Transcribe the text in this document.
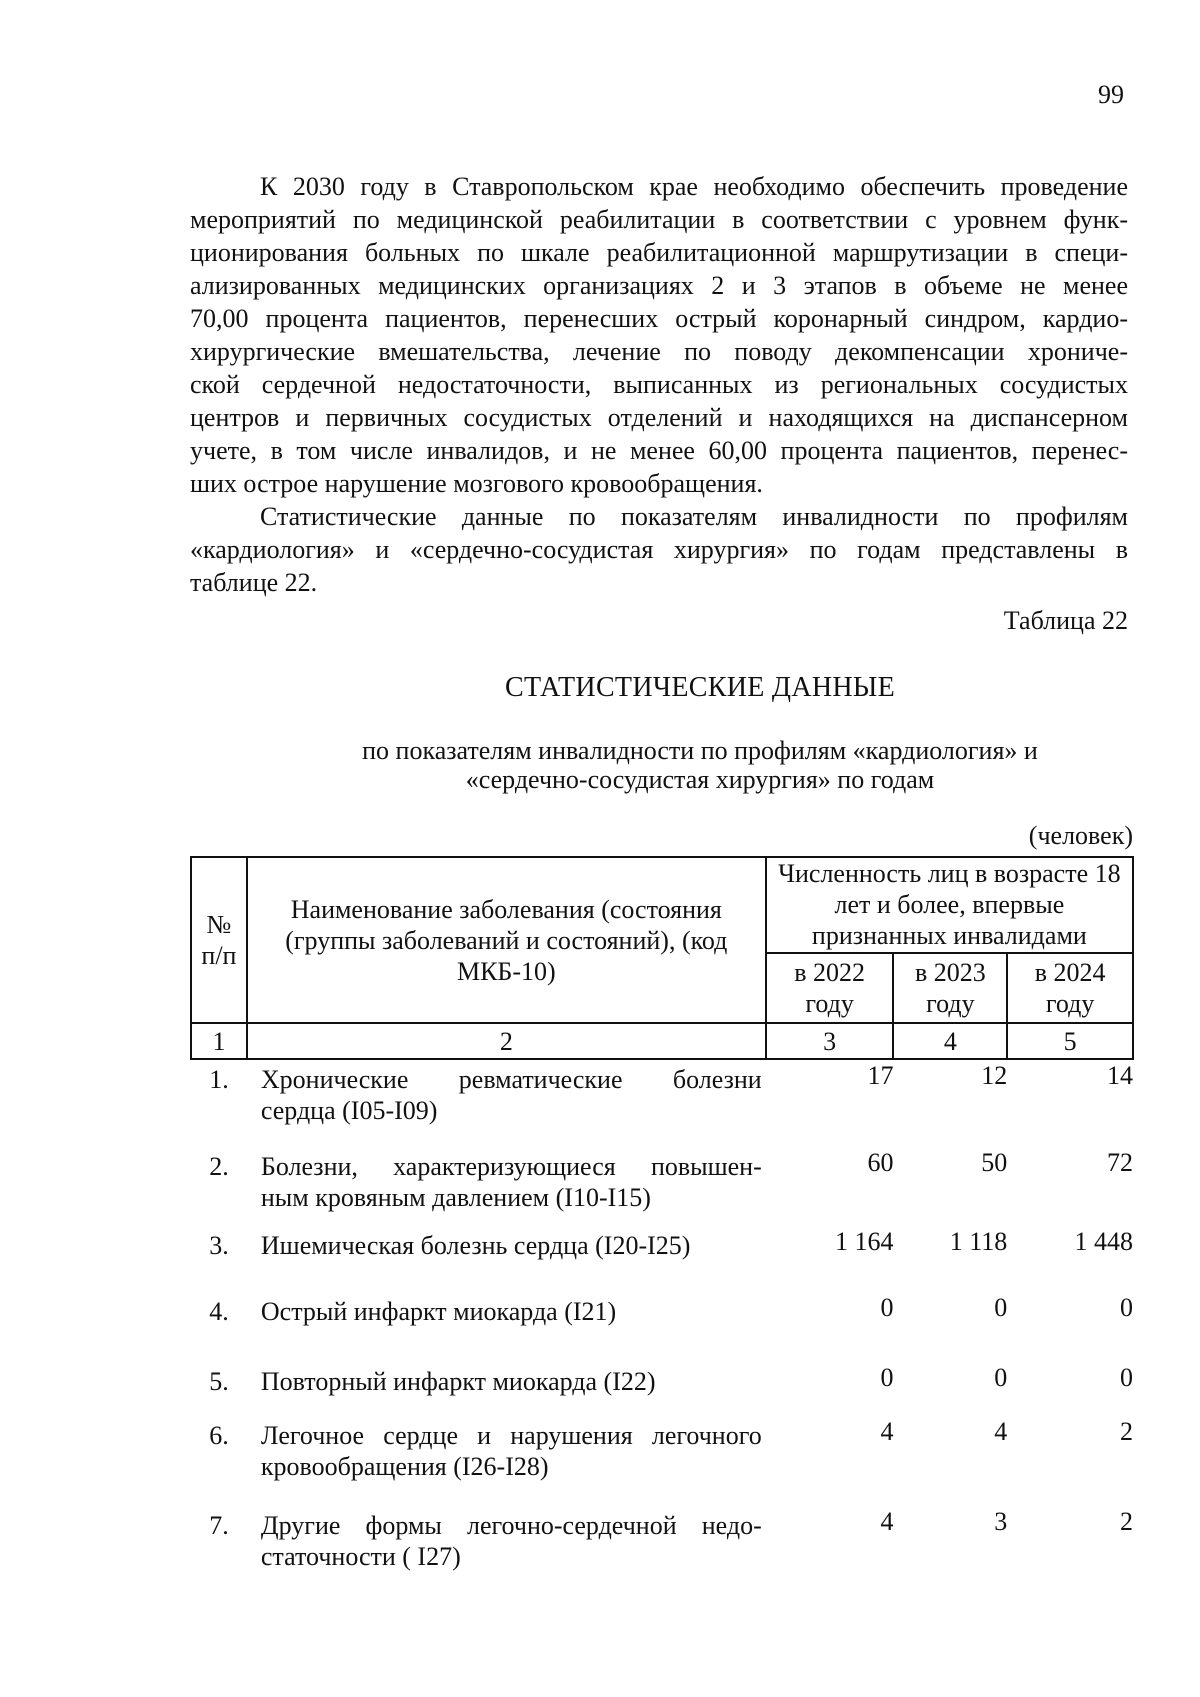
99

К 2030 году в Ставропольском крае необходимо обеспечить проведение
мероприятий по медицинской реабилитации в соответствии с уровнем функ-
ционирования больных по шкале реабилитационной маршрутизации в специ-
ализированных медицинских организациях 2 и 3 этапов в объеме не менее
70,00 процента пациентов, перенесших острый коронарный синдром, кардио-
хирургические вмешательства, лечение по поводу декомпенсации хрониче-
ской сердечной недостаточности, выписанных из региональных сосудистых
центров и первичных сосудистых отделений и находящихся на диспансерном
учете, в том числе инвалидов, и не менее 60,00 процента пациентов, перенес-
ших острое нарушение мозгового кровообращения.

Статистические данные по показателям инвалидности по профилям
«кардиология» и «сердечно-сосудистая хирургия» по годам представлены в
таблице 22.

Таблица 22
СТАТИСТИЧЕСКИЕ ДАННЫЕ
по показателям инвалидности по профилям «кардиология» и
«сердечно-сосудистая хирургия» по годам
(человек)
№ п/п	Наименование заболевания (состояния (группы заболеваний и состояний), (код МКБ-10)	Численность лиц в возрасте 18 лет и более, впервые признанных инвалидами		
		в 2022 году	в 2023 году	в 2024 году
1	2	3	4	5
1.	Хронические ревматические болезни
сердца (I05-I09)	17	12	14
2.	Болезни, характеризующиеся повышен-
ным кровяным давлением (I10-I15)	60	50	72
3.	Ишемическая болезнь сердца (I20-I25)	1 164	1 118	1 448
4.	Острый инфаркт миокарда (I21)	0	0	0
5.	Повторный инфаркт миокарда (I22)	0	0	0
6.	Легочное сердце и нарушения легочного
кровообращения (I26-I28)	4	4	2
7.	Другие формы легочно-сердечной недо-
статочности ( I27)	4	3	2
